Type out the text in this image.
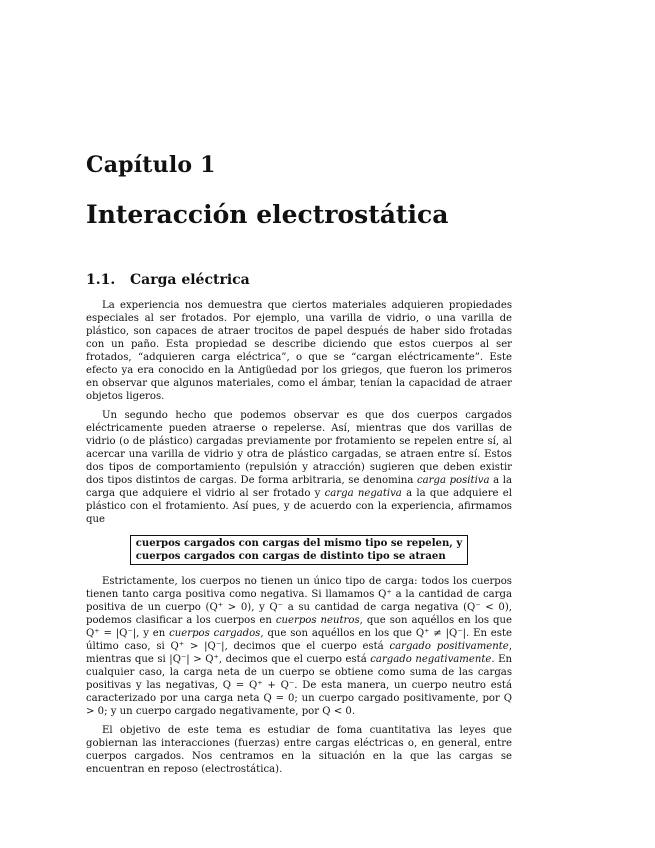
Capítulo 1
Interacción electrostática
1.1. Carga eléctrica

La experiencia nos demuestra que ciertos materiales adquieren propiedades especiales al ser frotados. Por ejemplo, una varilla de vidrio, o una varilla de plástico, son capaces de atraer trocitos de papel después de haber sido frotadas con un paño. Esta propiedad se describe diciendo que estos cuerpos al ser frotados, “adquieren carga eléctrica”, o que se “cargan eléctricamente”. Este efecto ya era conocido en la Antigüedad por los griegos, que fueron los primeros en observar que algunos materiales, como el ámbar, tenían la capacidad de atraer objetos ligeros.

Un segundo hecho que podemos observar es que dos cuerpos cargados eléctricamente pueden atraerse o repelerse. Así, mientras que dos varillas de vidrio (o de plástico) cargadas previamente por frotamiento se repelen entre sí, al acercar una varilla de vidrio y otra de plástico cargadas, se atraen entre sí. Estos dos tipos de comportamiento (repulsión y atracción) sugieren que deben existir dos tipos distintos de cargas. De forma arbitraria, se denomina carga positiva a la carga que adquiere el vidrio al ser frotado y carga negativa a la que adquiere el plástico con el frotamiento. Así pues, y de acuerdo con la experiencia, afirmamos que

cuerpos cargados con cargas del mismo tipo se repelen, y
cuerpos cargados con cargas de distinto tipo se atraen

Estrictamente, los cuerpos no tienen un único tipo de carga: todos los cuerpos tienen tanto carga positiva como negativa. Si llamamos Q⁺ a la cantidad de carga positiva de un cuerpo (Q⁺ > 0), y Q⁻ a su cantidad de carga negativa (Q⁻ < 0), podemos clasificar a los cuerpos en cuerpos neutros, que son aquéllos en los que Q⁺ = |Q⁻|, y en cuerpos cargados, que son aquéllos en los que Q⁺ ≠ |Q⁻|. En este último caso, si Q⁺ > |Q⁻|, decimos que el cuerpo está cargado positivamente, mientras que si |Q⁻| > Q⁺, decimos que el cuerpo está cargado negativamente. En cualquier caso, la carga neta de un cuerpo se obtiene como suma de las cargas positivas y las negativas, Q = Q⁺ + Q⁻. De esta manera, un cuerpo neutro está caracterizado por una carga neta Q = 0; un cuerpo cargado positivamente, por Q > 0; y un cuerpo cargado negativamente, por Q < 0.

El objetivo de este tema es estudiar de foma cuantitativa las leyes que gobiernan las interacciones (fuerzas) entre cargas eléctricas o, en general, entre cuerpos cargados. Nos centramos en la situación en la que las cargas se encuentran en reposo (electrostática).
